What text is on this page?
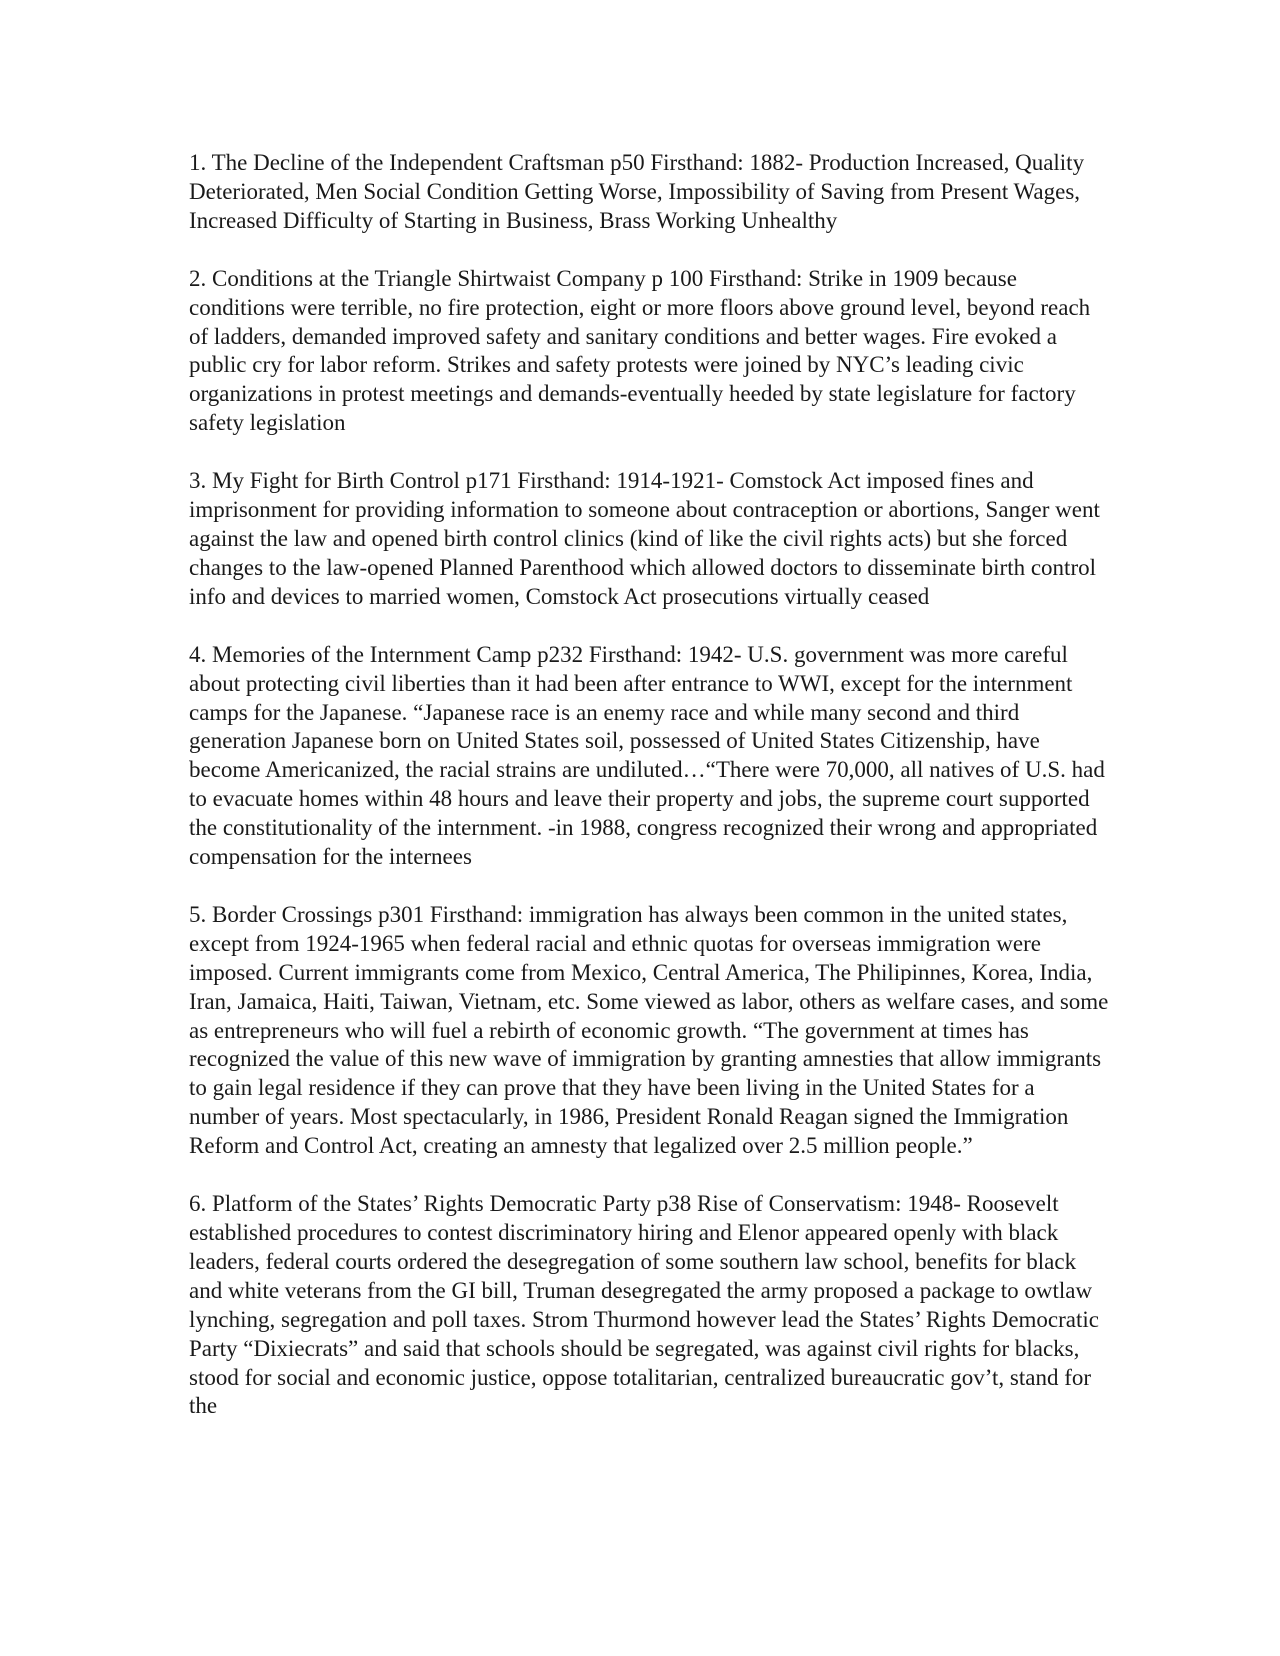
1. The Decline of the Independent Craftsman p50 Firsthand: 1882- Production Increased, Quality Deteriorated, Men Social Condition Getting Worse, Impossibility of Saving from Present Wages, Increased Difficulty of Starting in Business, Brass Working Unhealthy

2. Conditions at the Triangle Shirtwaist Company p 100 Firsthand: Strike in 1909 because conditions were terrible, no fire protection, eight or more floors above ground level, beyond reach of ladders, demanded improved safety and sanitary conditions and better wages. Fire evoked a public cry for labor reform. Strikes and safety protests were joined by NYC’s leading civic organizations in protest meetings and demands-eventually heeded by state legislature for factory safety legislation

3. My Fight for Birth Control p171 Firsthand: 1914-1921- Comstock Act imposed fines and imprisonment for providing information to someone about contraception or abortions, Sanger went against the law and opened birth control clinics (kind of like the civil rights acts) but she forced changes to the law-opened Planned Parenthood which allowed doctors to disseminate birth control info and devices to married women, Comstock Act prosecutions virtually ceased

4. Memories of the Internment Camp p232 Firsthand: 1942- U.S. government was more careful about protecting civil liberties than it had been after entrance to WWI, except for the internment camps for the Japanese. “Japanese race is an enemy race and while many second and third generation Japanese born on United States soil, possessed of United States Citizenship, have become Americanized, the racial strains are undiluted…“There were 70,000, all natives of U.S. had to evacuate homes within 48 hours and leave their property and jobs, the supreme court supported the constitutionality of the internment. -in 1988, congress recognized their wrong and appropriated compensation for the internees

5. Border Crossings p301 Firsthand: immigration has always been common in the united states, except from 1924-1965 when federal racial and ethnic quotas for overseas immigration were imposed. Current immigrants come from Mexico, Central America, The Philipinnes, Korea, India, Iran, Jamaica, Haiti, Taiwan, Vietnam, etc. Some viewed as labor, others as welfare cases, and some as entrepreneurs who will fuel a rebirth of economic growth. “The government at times has recognized the value of this new wave of immigration by granting amnesties that allow immigrants to gain legal residence if they can prove that they have been living in the United States for a number of years. Most spectacularly, in 1986, President Ronald Reagan signed the Immigration Reform and Control Act, creating an amnesty that legalized over 2.5 million people.”

6. Platform of the States’ Rights Democratic Party p38 Rise of Conservatism: 1948- Roosevelt established procedures to contest discriminatory hiring and Elenor appeared openly with black leaders, federal courts ordered the desegregation of some southern law school, benefits for black and white veterans from the GI bill, Truman desegregated the army proposed a package to owtlaw lynching, segregation and poll taxes. Strom Thurmond however lead the States’ Rights Democratic Party “Dixiecrats” and said that schools should be segregated, was against civil rights for blacks, stood for social and economic justice, oppose totalitarian, centralized bureaucratic gov’t, stand for the
